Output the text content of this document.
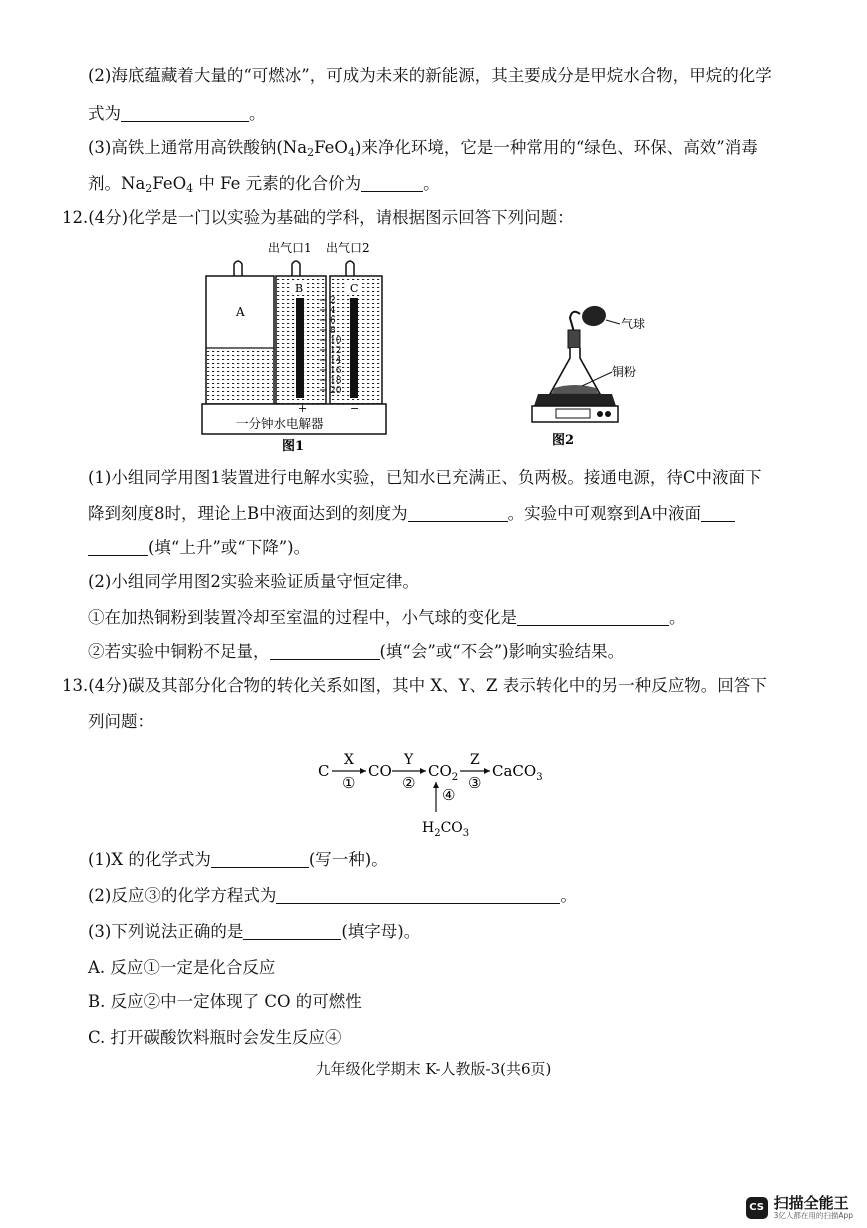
(2)海底蕴藏着大量的“可燃冰”，可成为未来的新能源，其主要成分是甲烷水合物，甲烷的化学
式为	。
(3)高铁上通常用高铁酸钠$(Na_2FeO_4)$来净化环境，它是一种常用的“绿色、环保、高效”消毒
剂。$Na_2FeO_4$ 中 Fe 元素的化合价为	。
12.(4分)化学是一门以实验为基础的学科，请根据图示回答下列问题：
出气口1 出气口2
A
B	C
2
4
6
8
10
12
14
16
18
20
+	−
一分钟水电解器
图1
气球
铜粉
图2
(1)小组同学用图1装置进行电解水实验，已知水已充满正、负两极。接通电源，待C中液面下
降到刻度8时，理论上B中液面达到的刻度为	。实验中可观察到A中液面
(填“上升”或“下降”)。
(2)小组同学用图2实验来验证质量守恒定律。
①在加热铜粉到装置冷却至室温的过程中，小气球的变化是	。
②若实验中铜粉不足量，	(填“会”或“不会”)影响实验结果。
13.(4分)碳及其部分化合物的转化关系如图，其中 X、Y、Z 表示转化中的另一种反应物。回答下
列问题：
C
X
①
CO
Y
②
$CO_2$
Z
③
CaCO$_3$
④
$H_2CO_3$
(1)X 的化学式为	(写一种)。
(2)反应③的化学方程式为	。
(3)下列说法正确的是	(填字母)。
A. 反应①一定是化合反应
B. 反应②中一定体现了 CO 的可燃性
C. 打开碳酸饮料瓶时会发生反应④
九年级化学期末 K-人教版-3(共6页)
CS 扫描全能王
3亿人都在用的扫描App
